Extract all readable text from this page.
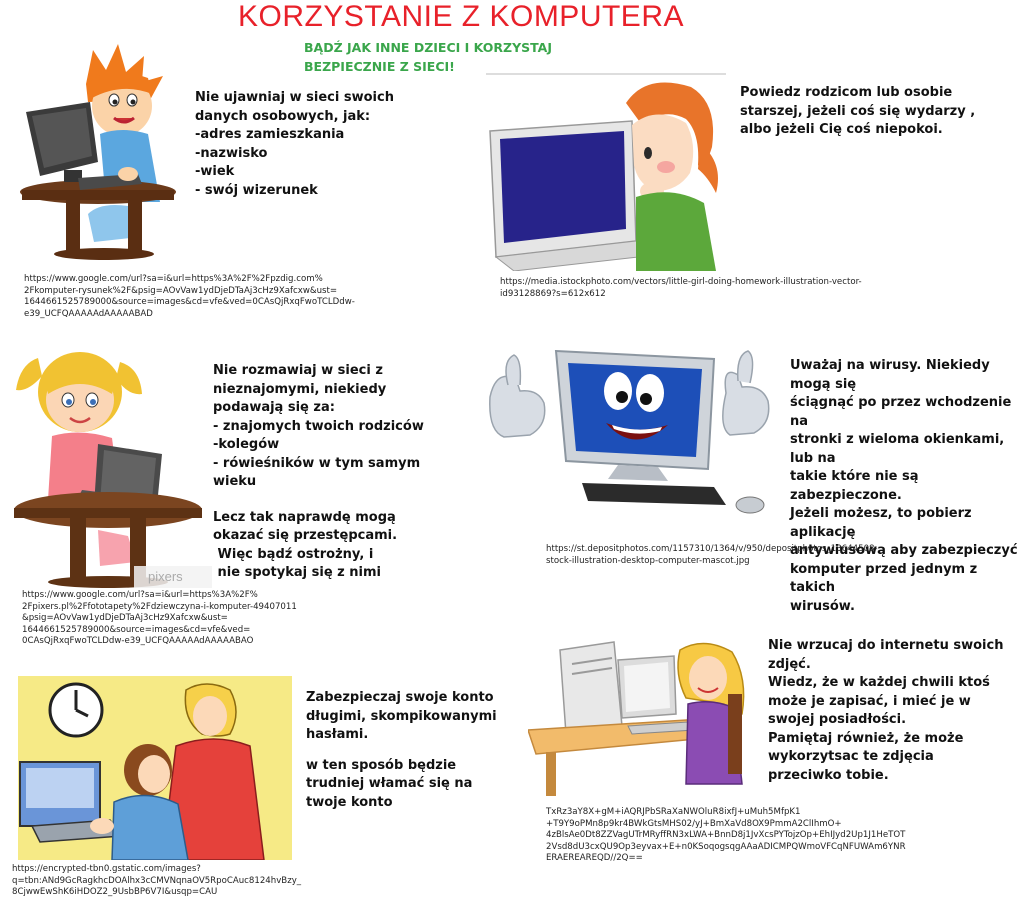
KORZYSTANIE Z KOMPUTERA
BĄDŹ JAK INNE DZIECI I KORZYSTAJ
BEZPIECZNIE Z SIECI!

Nie ujawniaj w sieci swoich

danych osobowych, jak:

-adres zamieszkania

-nazwisko

-wiek

- swój wizerunek

https://www.google.com/url?sa=i&url=https%3A%2F%2Fpzdig.com%

2Fkomputer-rysunek%2F&psig=AOvVaw1ydDjeDTaAj3cHz9Xafcxw&ust=

1644661525789000&source=images&cd=vfe&ved=0CAsQjRxqFwoTCLDdw-

e39_UCFQAAAAAdAAAAABAD

Powiedz rodzicom lub osobie

starszej, jeżeli coś się wydarzy ,

albo jeżeli Cię coś niepokoi.

https://media.istockphoto.com/vectors/little-girl-doing-homework-illustration-vector-

id93128869?s=612x612

pixers

Nie rozmawiaj w sieci z

nieznajomymi, niekiedy

podawają się za:

- znajomych twoich rodziców

-kolegów

- rówieśników w tym samym

wieku

Lecz tak naprawdę mogą

okazać się przestępcami.

Więc bądź ostrożny, i

nie spotykaj się z nimi

https://www.google.com/url?sa=i&url=https%3A%2F%

2Fpixers.pl%2Ffototapety%2Fdziewczyna-i-komputer-49407011

&psig=AOvVaw1ydDjeDTaAj3cHz9Xafcxw&ust=

1644661525789000&source=images&cd=vfe&ved=

0CAsQjRxqFwoTCLDdw-e39_UCFQAAAAAdAAAAABAO

Uważaj na wirusy. Niekiedy mogą się

ściągnąć po przez wchodzenie na

stronki z wieloma okienkami, lub na

takie które nie są zabezpieczone.

Jeżeli możesz, to pobierz aplikację

antywiusową aby zabezpieczyć

komputer przed jednym z takich

wirusów.

https://st.depositphotos.com/1157310/1364/v/950/depositphotos_13644508-

stock-illustration-desktop-computer-mascot.jpg

Zabezpieczaj swoje konto

długimi, skompikowanymi

hasłami.

w ten sposób będzie

trudniej włamać się na

twoje konto

https://encrypted-tbn0.gstatic.com/images?

q=tbn:ANd9GcRagkhcDOAlhx3cCMVNqnaOV5RpoCAuc8124hvBzy_

8CjwwEwShK6iHDOZ2_9UsbBP6V7I&usqp=CAU

Nie wrzucaj do internetu swoich

zdjęć.

Wiedz, że w każdej chwili ktoś

może je zapisać, i mieć je w

swojej posiadłości.

Pamiętaj również, że może

wykorzytsac te zdjęcia

przeciwko tobie.

TxRz3aY8X+gM+iAQRJPbSRaXaNWOluR8ixfJ+uMuh5MfpK1

+T9Y9oPMn8p9kr4BWkGtsMHS02/yJ+BmXaVd8OX9PmmA2ClIhmO+

4zBlsAe0Dt8ZZVagUTrMRyffRN3xLWA+BnnD8j1JvXcsPYTojzOp+EhIJyd2Up1J1HeTOT

2Vsd8dU3cxQU9Op3eyvax+E+n0KSoqogsqgAAaADICMPQWmoVFCqNFUWAm6YNR

ERAEREAREQD//2Q==
